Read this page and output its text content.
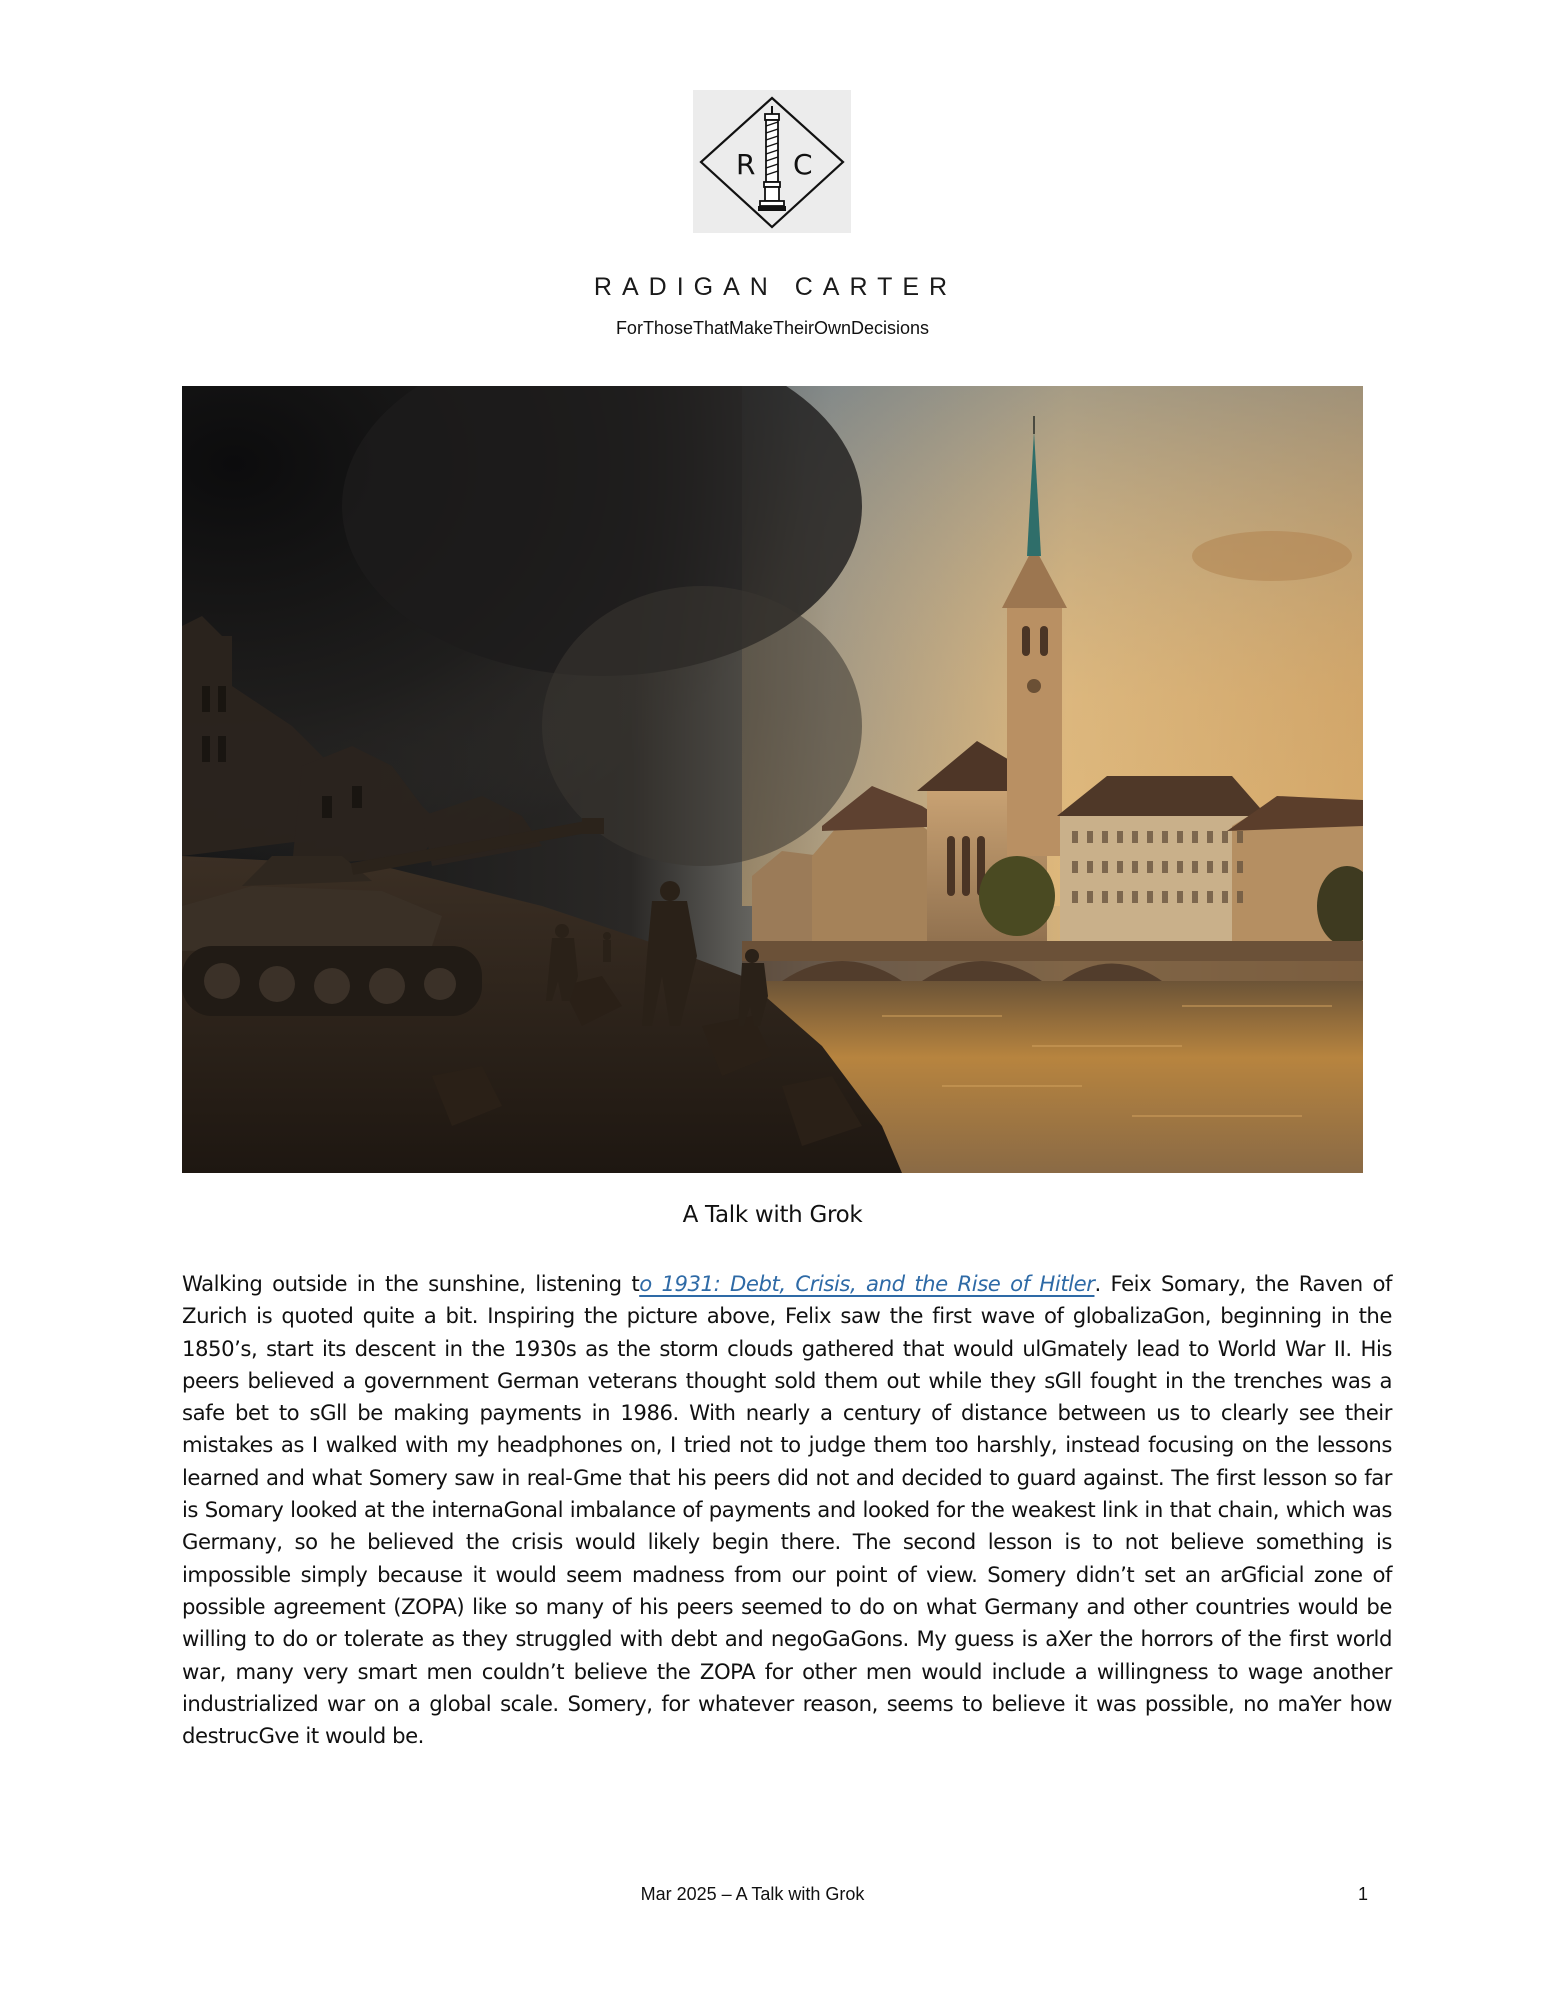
R C
RADIGAN CARTER
ForThoseThatMakeTheirOwnDecisions
A Talk with Grok
Walking outside in the sunshine, listening to 1931: Debt, Crisis, and the Rise of Hitler. Feix Somary, the Raven of Zurich is quoted quite a bit. Inspiring the picture above, Felix saw the first wave of globalizaGon, beginning in the 1850’s, start its descent in the 1930s as the storm clouds gathered that would ulGmately lead to World War II. His peers believed a government German veterans thought sold them out while they sGll fought in the trenches was a safe bet to sGll be making payments in 1986. With nearly a century of distance between us to clearly see their mistakes as I walked with my headphones on, I tried not to judge them too harshly, instead focusing on the lessons learned and what Somery saw in real-Gme that his peers did not and decided to guard against. The first lesson so far is Somary looked at the internaGonal imbalance of payments and looked for the weakest link in that chain, which was Germany, so he believed the crisis would likely begin there. The second lesson is to not believe something is impossible simply because it would seem madness from our point of view. Somery didn’t set an arGficial zone of possible agreement (ZOPA) like so many of his peers seemed to do on what Germany and other countries would be willing to do or tolerate as they struggled with debt and negoGaGons. My guess is aXer the horrors of the first world war, many very smart men couldn’t believe the ZOPA for other men would include a willingness to wage another industrialized war on a global scale. Somery, for whatever reason, seems to believe it was possible, no maYer how destrucGve it would be.
Mar 2025 – A Talk with Grok	1
